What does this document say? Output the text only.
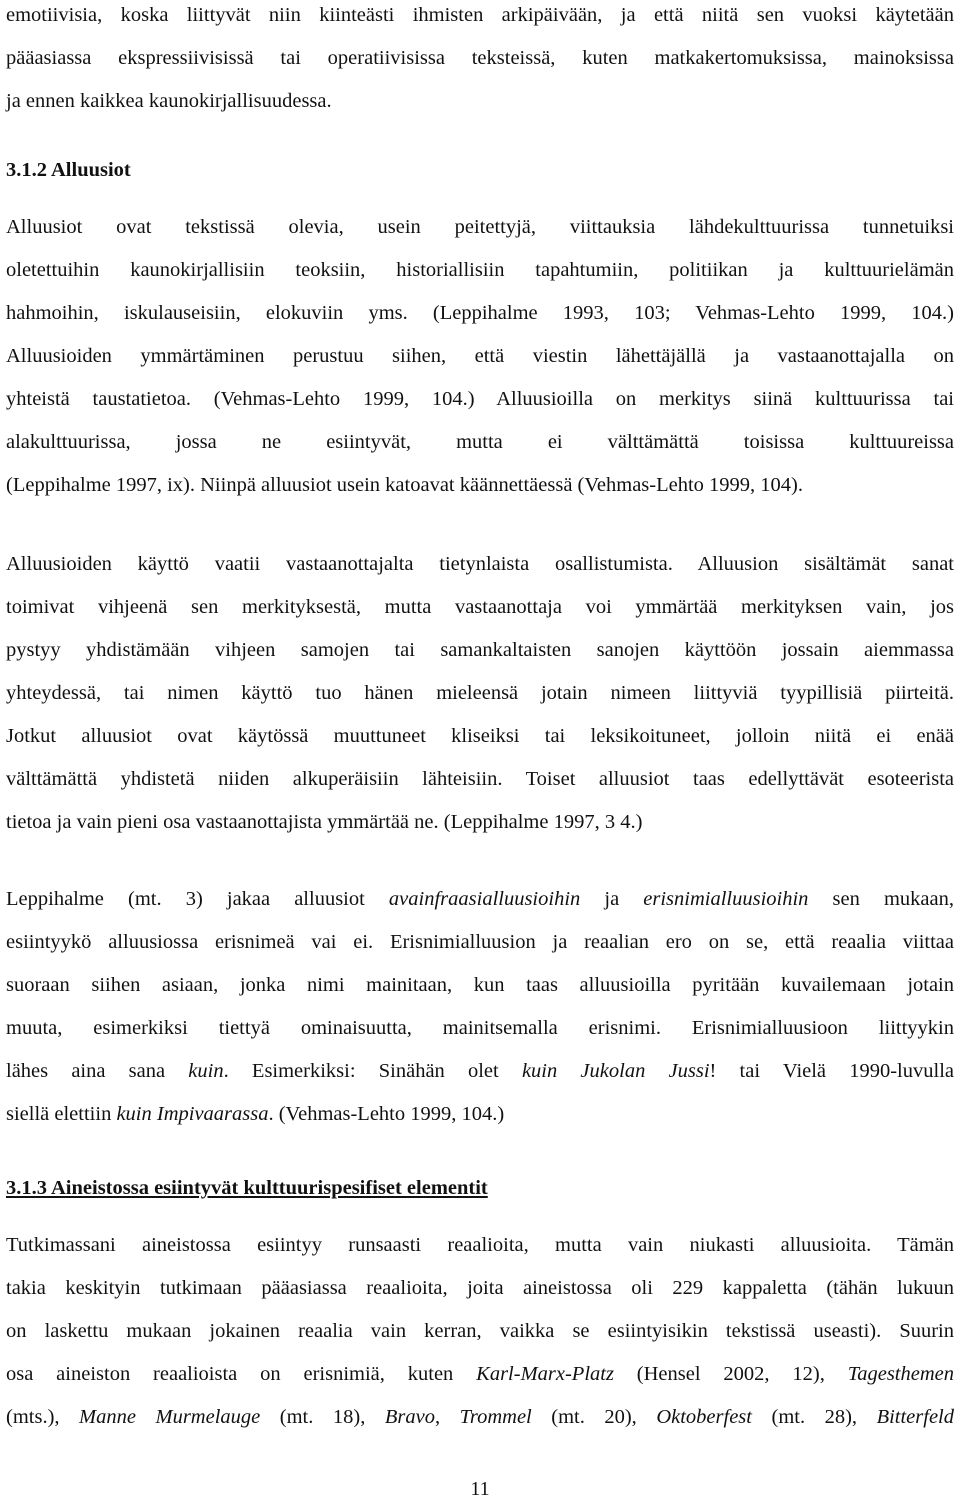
emotiivisia, koska liittyvät niin kiinteästi ihmisten arkipäivään, ja että niitä sen vuoksi käytetään
pääasiassa ekspressiivisissä tai operatiivisissa teksteissä, kuten matkakertomuksissa, mainoksissa
ja ennen kaikkea kaunokirjallisuudessa.
3.1.2 Alluusiot
Alluusiot ovat tekstissä olevia, usein peitettyjä, viittauksia lähdekulttuurissa tunnetuiksi
oletettuihin kaunokirjallisiin teoksiin, historiallisiin tapahtumiin, politiikan ja kulttuurielämän
hahmoihin, iskulauseisiin, elokuviin yms. (Leppihalme 1993, 103; Vehmas-Lehto 1999, 104.)
Alluusioiden ymmärtäminen perustuu siihen, että viestin lähettäjällä ja vastaanottajalla on
yhteistä taustatietoa. (Vehmas-Lehto 1999, 104.) Alluusioilla on merkitys siinä kulttuurissa tai
alakulttuurissa, jossa ne esiintyvät, mutta ei välttämättä toisissa kulttuureissa
(Leppihalme 1997, ix). Niinpä alluusiot usein katoavat käännettäessä (Vehmas-Lehto 1999, 104).
Alluusioiden käyttö vaatii vastaanottajalta tietynlaista osallistumista. Alluusion sisältämät sanat
toimivat vihjeenä sen merkityksestä, mutta vastaanottaja voi ymmärtää merkityksen vain, jos
pystyy yhdistämään vihjeen samojen tai samankaltaisten sanojen käyttöön jossain aiemmassa
yhteydessä, tai nimen käyttö tuo hänen mieleensä jotain nimeen liittyviä tyypillisiä piirteitä.
Jotkut alluusiot ovat käytössä muuttuneet kliseiksi tai leksikoituneet, jolloin niitä ei enää
välttämättä yhdistetä niiden alkuperäisiin lähteisiin. Toiset alluusiot taas edellyttävät esoteerista
tietoa ja vain pieni osa vastaanottajista ymmärtää ne. (Leppihalme 1997, 3 4.)
Leppihalme (mt. 3) jakaa alluusiot avainfraasialluusioihin ja erisnimialluusioihin sen mukaan,
esiintyykö alluusiossa erisnimeä vai ei. Erisnimialluusion ja reaalian ero on se, että reaalia viittaa
suoraan siihen asiaan, jonka nimi mainitaan, kun taas alluusioilla pyritään kuvailemaan jotain
muuta, esimerkiksi tiettyä ominaisuutta, mainitsemalla erisnimi. Erisnimialluusioon liittyykin
lähes aina sana kuin. Esimerkiksi: Sinähän olet kuin Jukolan Jussi! tai Vielä 1990-luvulla
siellä elettiin kuin Impivaarassa. (Vehmas-Lehto 1999, 104.)
3.1.3 Aineistossa esiintyvät kulttuurispesifiset elementit
Tutkimassani aineistossa esiintyy runsaasti reaalioita, mutta vain niukasti alluusioita. Tämän
takia keskityin tutkimaan pääasiassa reaalioita, joita aineistossa oli 229 kappaletta (tähän lukuun
on laskettu mukaan jokainen reaalia vain kerran, vaikka se esiintyisikin tekstissä useasti). Suurin
osa aineiston reaalioista on erisnimiä, kuten Karl-Marx-Platz (Hensel 2002, 12), Tagesthemen
(mts.), Manne Murmelauge (mt. 18), Bravo, Trommel (mt. 20), Oktoberfest (mt. 28), Bitterfeld
11
